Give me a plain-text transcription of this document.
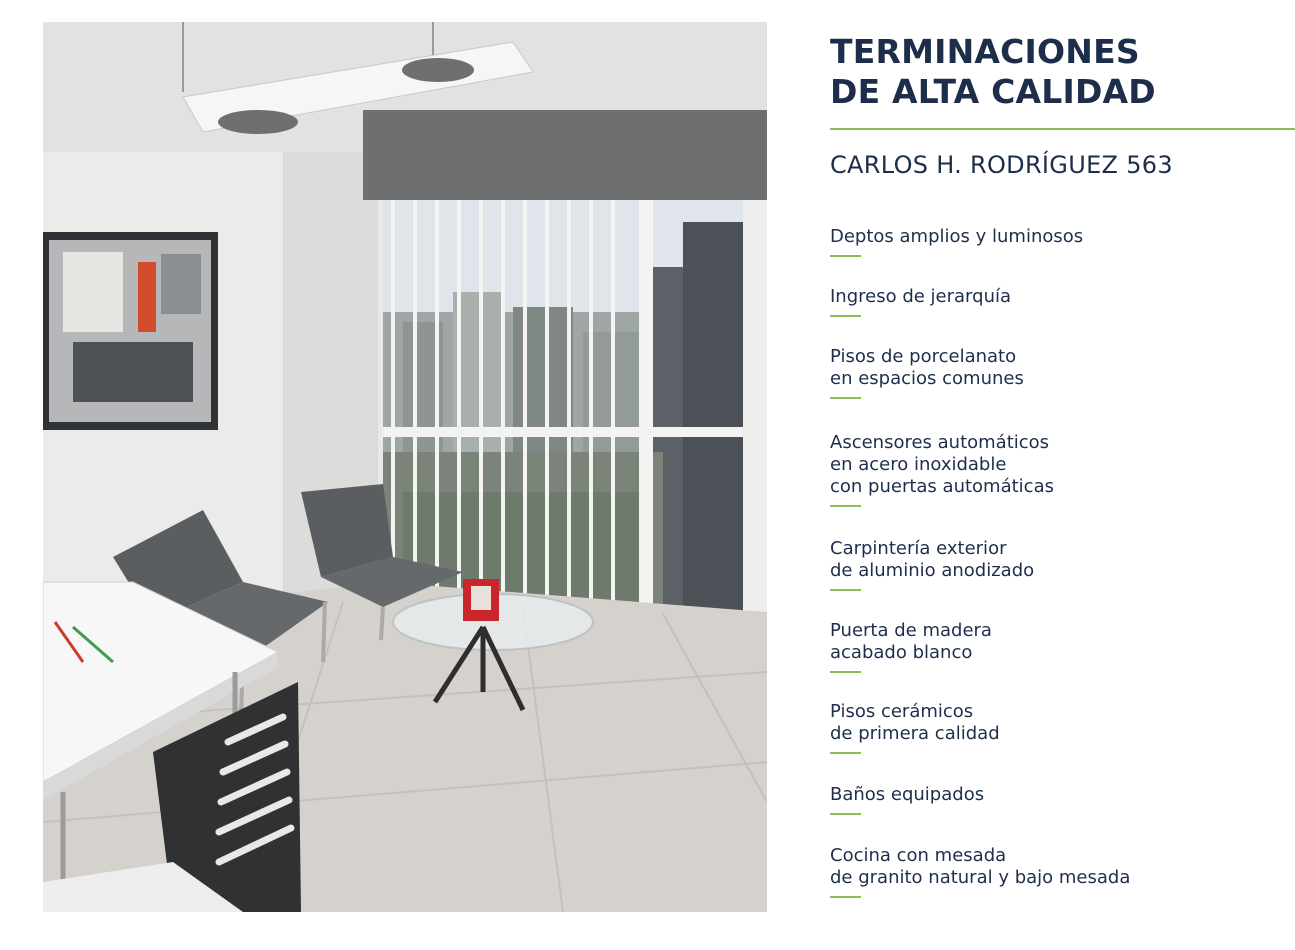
TERMINACIONES
DE ALTA CALIDAD

CARLOS H. RODRÍGUEZ 563

Deptos amplios y luminosos
Ingreso de jerarquía
Pisos de porcelanato
en espacios comunes
Ascensores automáticos
en acero inoxidable
con puertas automáticas
Carpintería exterior
de aluminio anodizado
Puerta de madera
acabado blanco
Pisos cerámicos
de primera calidad
Baños equipados
Cocina con mesada
de granito natural y bajo mesada
